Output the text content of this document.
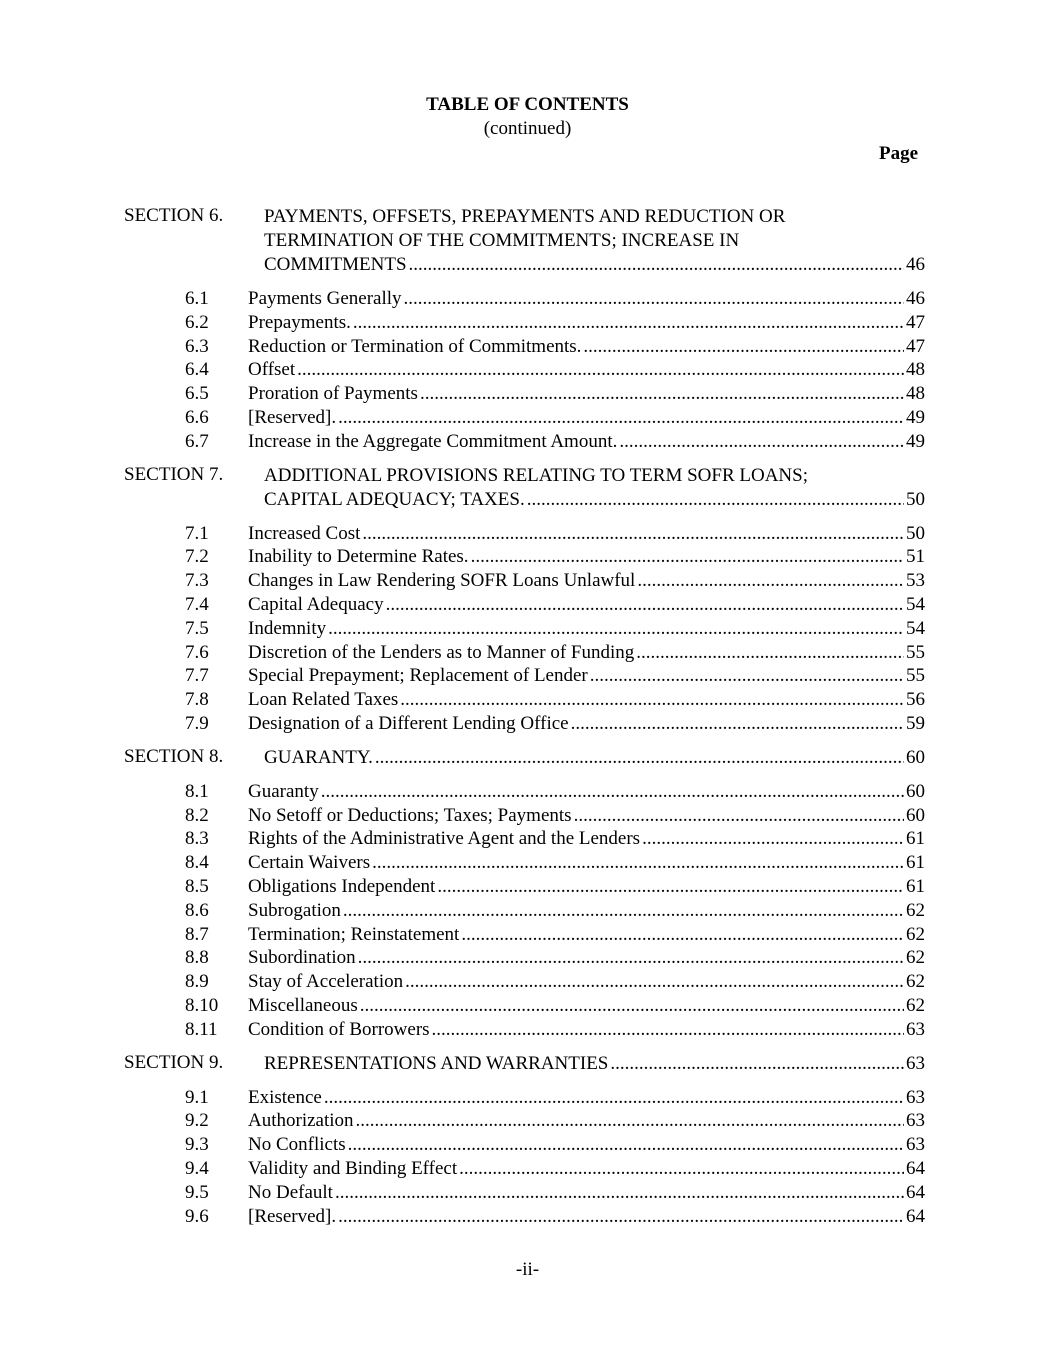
TABLE OF CONTENTS
(continued)
Page
SECTION 6. PAYMENTS, OFFSETS, PREPAYMENTS AND REDUCTION OR
TERMINATION OF THE COMMITMENTS; INCREASE IN
COMMITMENTS .....	46
6.1	Payments Generally .....	46
6.2	Prepayments. .....	47
6.3	Reduction or Termination of Commitments. .....	47
6.4	Offset .....	48
6.5	Proration of Payments .....	48
6.6	[Reserved]. .....	49
6.7	Increase in the Aggregate Commitment Amount. .....	49
SECTION 7. ADDITIONAL PROVISIONS RELATING TO TERM SOFR LOANS;
CAPITAL ADEQUACY; TAXES. .....	50
7.1	Increased Cost .....	50
7.2	Inability to Determine Rates. .....	51
7.3	Changes in Law Rendering SOFR Loans Unlawful .....	53
7.4	Capital Adequacy .....	54
7.5	Indemnity .....	54
7.6	Discretion of the Lenders as to Manner of Funding .....	55
7.7	Special Prepayment; Replacement of Lender .....	55
7.8	Loan Related Taxes .....	56
7.9	Designation of a Different Lending Office .....	59
SECTION 8. GUARANTY. .....	60
8.1	Guaranty .....	60
8.2	No Setoff or Deductions; Taxes; Payments .....	60
8.3	Rights of the Administrative Agent and the Lenders .....	61
8.4	Certain Waivers .....	61
8.5	Obligations Independent .....	61
8.6	Subrogation .....	62
8.7	Termination; Reinstatement .....	62
8.8	Subordination .....	62
8.9	Stay of Acceleration .....	62
8.10	Miscellaneous .....	62
8.11	Condition of Borrowers .....	63
SECTION 9. REPRESENTATIONS AND WARRANTIES .....	63
9.1	Existence .....	63
9.2	Authorization .....	63
9.3	No Conflicts .....	63
9.4	Validity and Binding Effect .....	64
9.5	No Default .....	64
9.6	[Reserved]. .....	64
-ii-
